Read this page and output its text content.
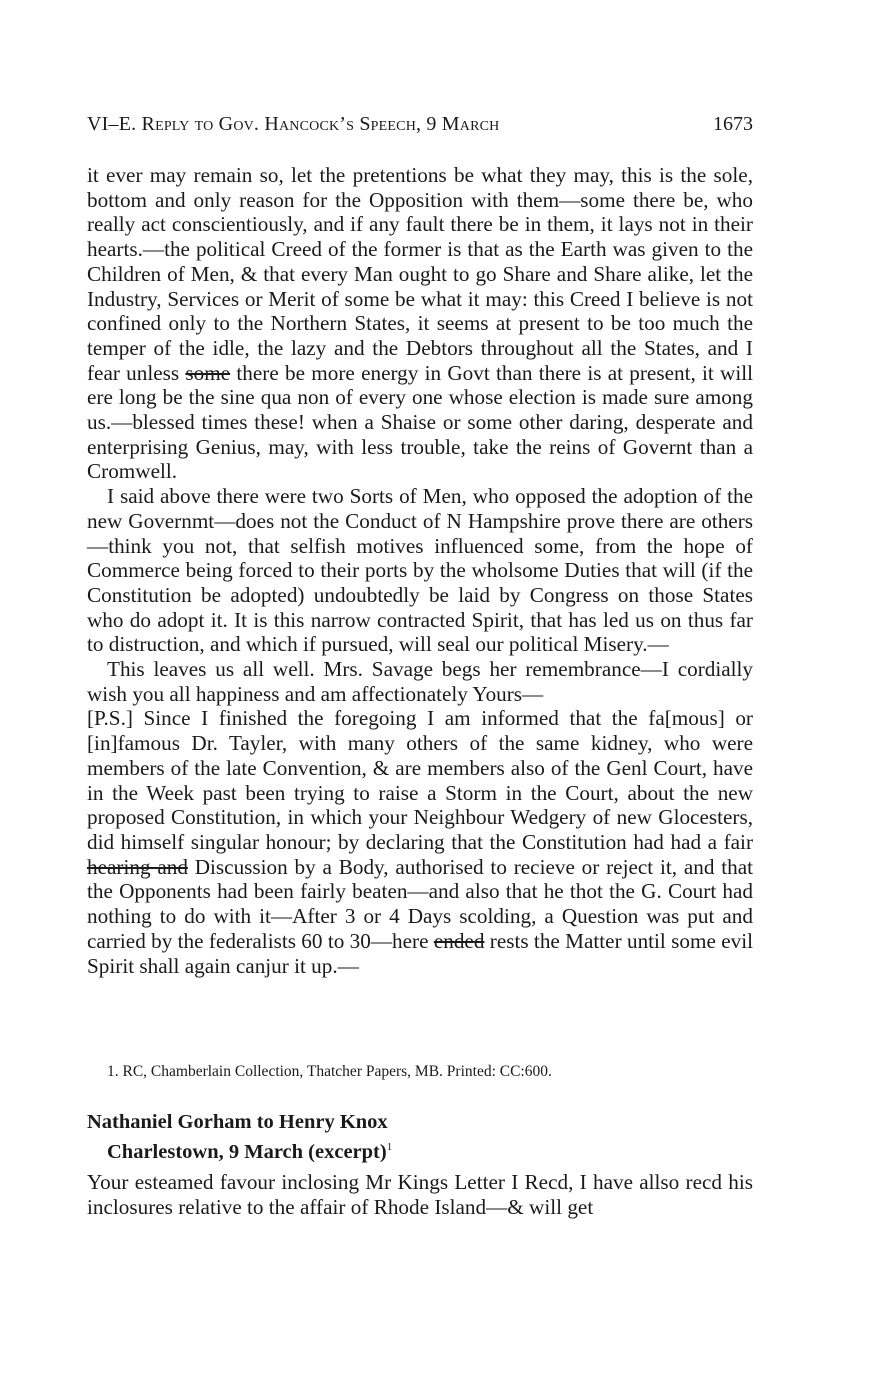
VI–E. Reply to Gov. Hancock’s Speech, 9 March	1673

it ever may remain so, let the pretentions be what they may, this is the sole, bottom and only reason for the Opposition with them—some there be, who really act conscientiously, and if any fault there be in them, it lays not in their hearts.—the political Creed of the former is that as the Earth was given to the Children of Men, & that every Man ought to go Share and Share alike, let the Industry, Services or Merit of some be what it may: this Creed I believe is not confined only to the Northern States, it seems at present to be too much the temper of the idle, the lazy and the Debtors throughout all the States, and I fear unless some there be more energy in Govt than there is at present, it will ere long be the sine qua non of every one whose election is made sure among us.—blessed times these! when a Shaise or some other daring, desperate and enterprising Genius, may, with less trouble, take the reins of Governt than a Cromwell.

I said above there were two Sorts of Men, who opposed the adoption of the new Governmt—does not the Conduct of N Hampshire prove there are others—think you not, that selfish motives influenced some, from the hope of Commerce being forced to their ports by the wholsome Duties that will (if the Constitution be adopted) undoubtedly be laid by Congress on those States who do adopt it. It is this narrow contracted Spirit, that has led us on thus far to distruction, and which if pursued, will seal our political Misery.—

This leaves us all well. Mrs. Savage begs her remembrance—I cordially wish you all happiness and am affectionately Yours—

[P.S.] Since I finished the foregoing I am informed that the fa[mous] or [in]famous Dr. Tayler, with many others of the same kidney, who were members of the late Convention, & are members also of the Genl Court, have in the Week past been trying to raise a Storm in the Court, about the new proposed Constitution, in which your Neighbour Wedgery of new Glocesters, did himself singular honour; by declaring that the Constitution had had a fair hearing and Discussion by a Body, authorised to recieve or reject it, and that the Opponents had been fairly beaten—and also that he thot the G. Court had nothing to do with it—After 3 or 4 Days scolding, a Question was put and carried by the federalists 60 to 30—here ended rests the Matter until some evil Spirit shall again canjur it up.—

1. RC, Chamberlain Collection, Thatcher Papers, MB. Printed: CC:600.
Nathaniel Gorham to Henry Knox
Charlestown, 9 March (excerpt)$^1$

Your esteamed favour inclosing Mr Kings Letter I Recd, I have allso recd his inclosures relative to the affair of Rhode Island—& will get
